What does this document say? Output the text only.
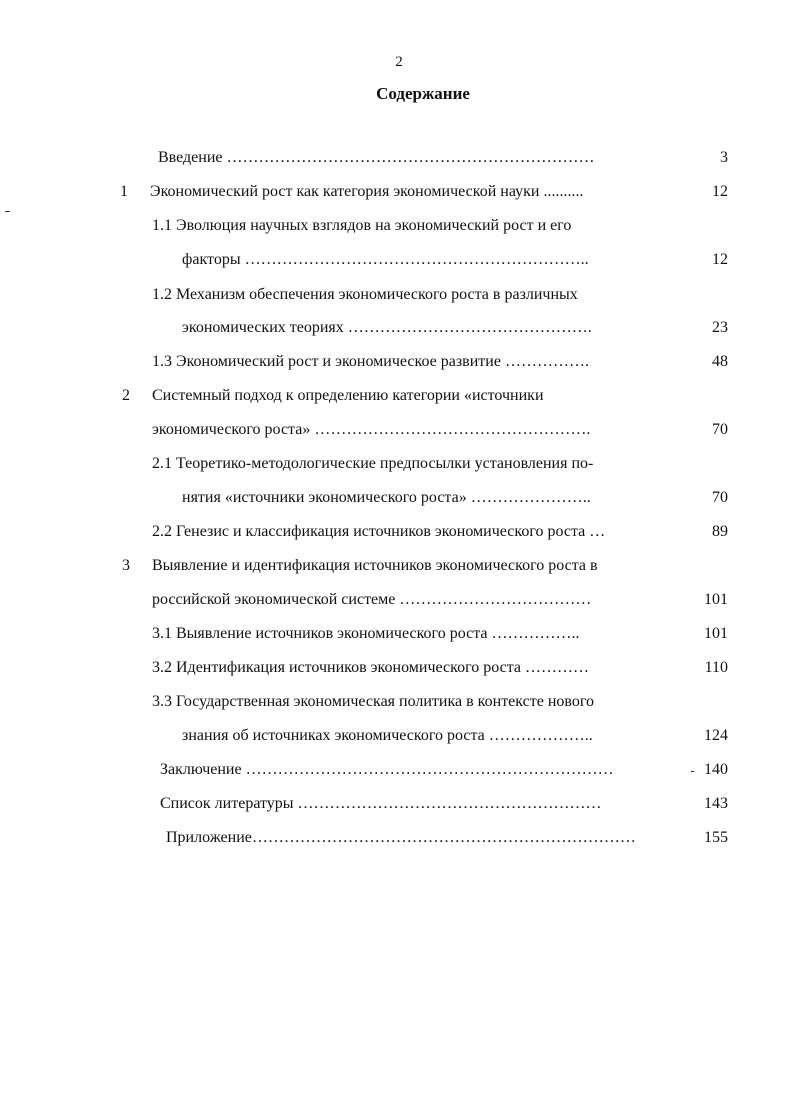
2
Содержание
Введение ……………………………………………………………	3
1 Экономический рост как категория экономической науки ..........	12
1.1 Эволюция научных взглядов на экономический рост и его
факторы ………………………………………………………..	12
1.2 Механизм обеспечения экономического роста в различных
экономических теориях ……………………………………….	23
1.3 Экономический рост и экономическое развитие …………….	48
2 Системный подход к определению категории «источники
экономического роста» …………………………………………….	70
2.1 Теоретико-методологические предпосылки установления по-
нятия «источники экономического роста» …………………..	70
2.2 Генезис и классификация источников экономического роста …	89
3 Выявление и идентификация источников экономического роста в
российской экономической системе ………………………………	101
3.1 Выявление источников экономического роста ……………..	101
3.2 Идентификация источников экономического роста …………	110
3.3 Государственная экономическая политика в контексте нового
знания об источниках экономического роста ………………..	124
Заключение ……………………………………………………………	140
Список литературы …………………………………………………	143
Приложение………………………………………………………………	155
